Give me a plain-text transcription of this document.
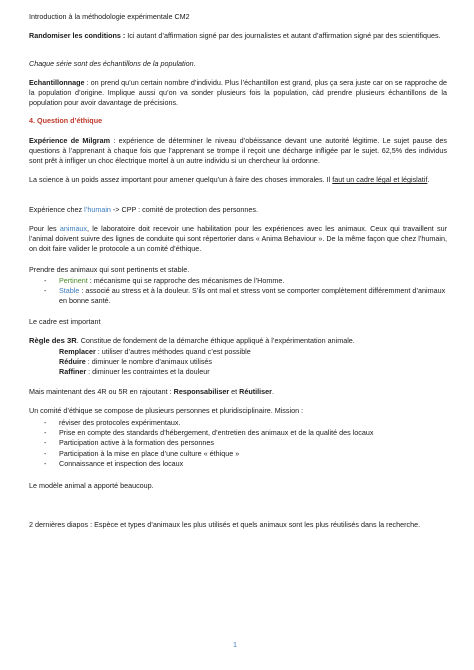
Introduction à la méthodologie expérimentale CM2

Randomiser les conditions : Ici autant d’affirmation signé par des journalistes et autant d’affirmation signé par des scientifiques.

Chaque série sont des échantillons de la population.

Echantillonnage : on prend qu’un certain nombre d’individu. Plus l’échantillon est grand, plus ça sera juste car on se rapproche de la population d’origine. Implique aussi qu’on va sonder plusieurs fois la population, càd prendre plusieurs échantillons de la population pour avoir davantage de précisions.

4. Question d’éthique

Expérience de Milgram : expérience de déterminer le niveau d’obéissance devant une autorité légitime. Le sujet pause des questions à l’apprenant à chaque fois que l’apprenant se trompe il reçoit une décharge infligée par le sujet. 62,5% des individus sont prêt à infliger un choc électrique mortel à un autre individu si un chercheur lui ordonne.

La science à un poids assez important pour amener quelqu’un à faire des choses immorales. Il faut un cadre légal et législatif.

Expérience chez l’humain -> CPP : comité de protection des personnes.

Pour les animaux, le laboratoire doit recevoir une habilitation pour les expériences avec les animaux. Ceux qui travaillent sur l’animal doivent suivre des lignes de conduite qui sont répertorier dans « Anima Behaviour ». De la même façon que chez l’humain, on doit faire valider le protocole a un comité d’éthique.

Prendre des animaux qui sont pertinents et stable.

- Pertinent : mécanisme qui se rapproche des mécanismes de l’Homme.
- Stable : associé au stress et à la douleur. S’ils ont mal et stress vont se comporter complètement différemment d’animaux en bonne santé.

Le cadre est important

Règle des 3R. Constitue de fondement de la démarche éthique appliqué à l’expérimentation animale.

Remplacer : utiliser d’autres méthodes quand c’est possible
Réduire : diminuer le nombre d’animaux utilisés
Raffiner : diminuer les contraintes et la douleur

Mais maintenant des 4R ou 5R en rajoutant : Responsabiliser et Réutiliser.

Un comité d’éthique se compose de plusieurs personnes et pluridisciplinaire. Mission :

- réviser des protocoles expérimentaux.
- Prise en compte des standards d’hébergement, d’entretien des animaux et de la qualité des locaux
- Participation active à la formation des personnes
- Participation à la mise en place d’une culture « éthique »
- Connaissance et inspection des locaux

Le modèle animal a apporté beaucoup.

2 dernières diapos : Espèce et types d’animaux les plus utilisés et quels animaux sont les plus réutilisés dans la recherche.

1
